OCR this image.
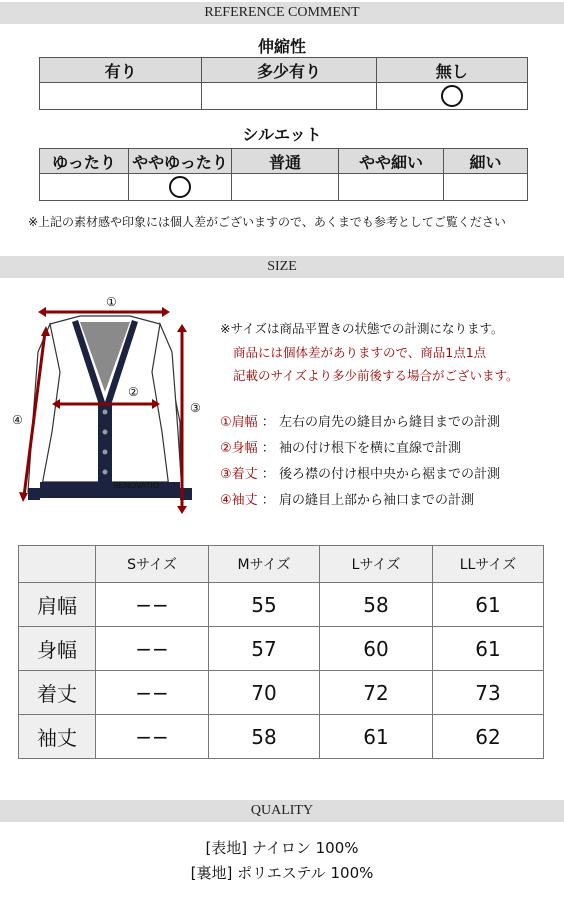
REFERENCE COMMENT
伸縮性
有り	多少有り	無し

シルエット
ゆったり	ややゆったり	普通	やや細い	細い

※上記の素材感や印象には個人差がございますので、あくまでも参考としてご覧ください
SIZE
RENOVATIO
①
②
③
④
※サイズは商品平置きの状態での計測になります。
商品には個体差がありますので、商品1点1点
記載のサイズより多少前後する場合がございます。
①肩幅 ： 左右の肩先の縫目から縫目までの計測
②身幅 ： 袖の付け根下を横に直線で計測
③着丈 ： 後ろ襟の付け根中央から裾までの計測
④袖丈 ： 肩の縫目上部から袖口までの計測
	Sサイズ	Mサイズ	Lサイズ	LLサイズ
肩幅	−−	55	58	61
身幅	−−	57	60	61
着丈	−−	70	72	73
袖丈	−−	58	61	62
QUALITY
[表地] ナイロン 100%
[裏地] ポリエステル 100%
